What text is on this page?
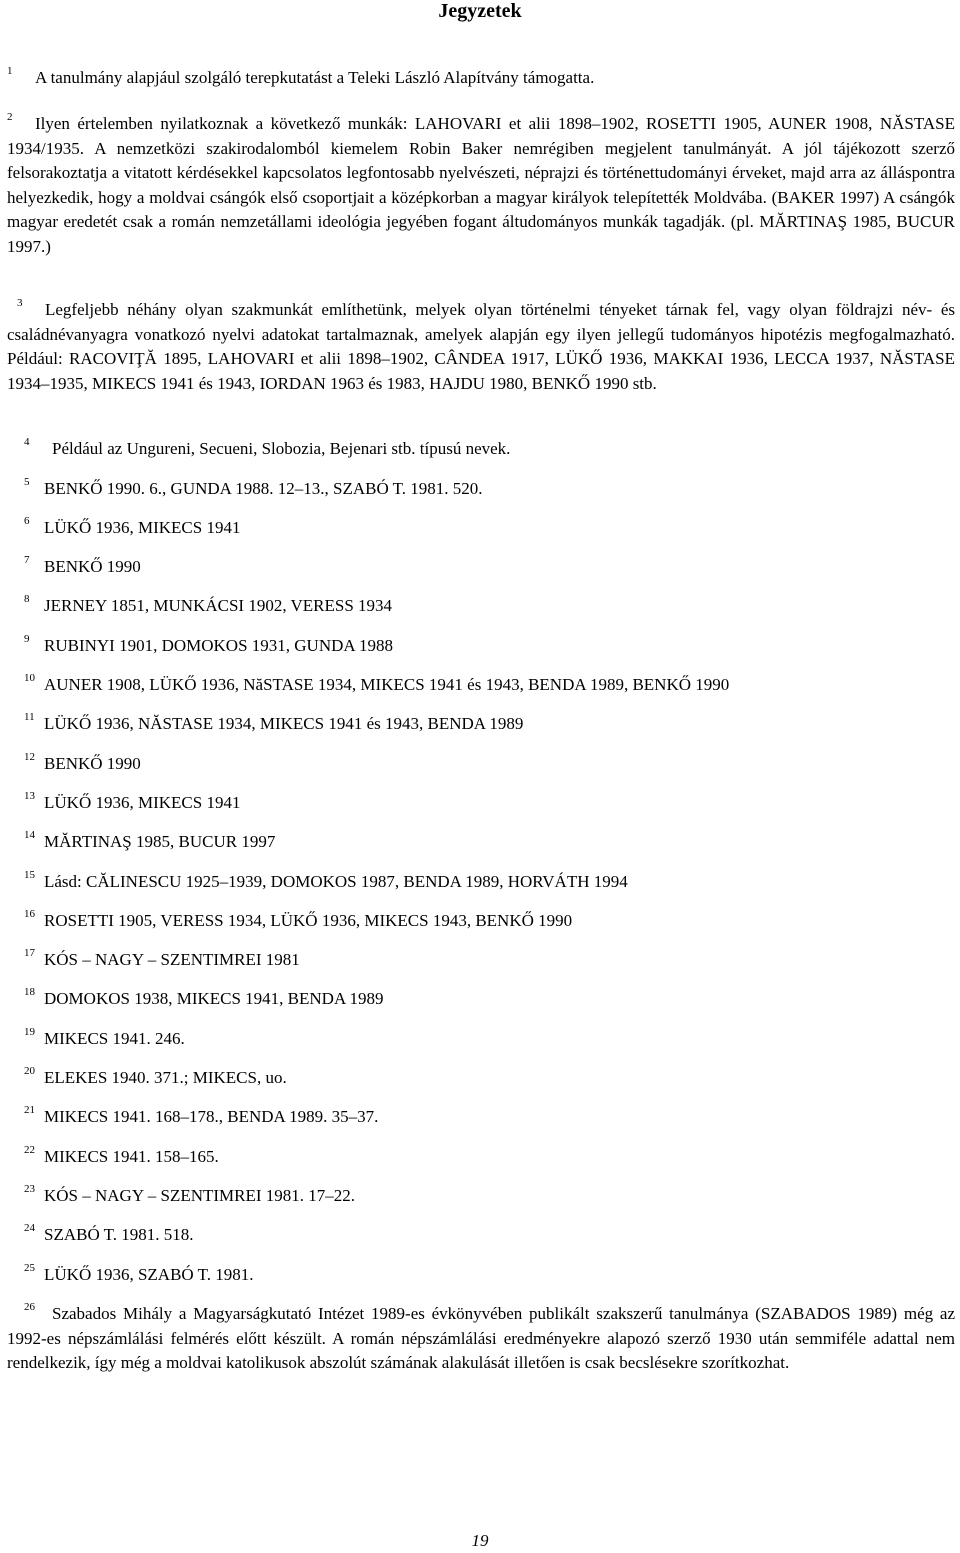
Jegyzetek

$^1$ A tanulmány alapjául szolgáló terepkutatást a Teleki László Alapítvány támogatta.

$^2$ Ilyen értelemben nyilatkoznak a következő munkák: LAHOVARI et alii 1898–1902, ROSETTI 1905, AUNER 1908, NĂSTASE 1934/1935. A nemzetközi szakirodalomból kiemelem Robin Baker nemrégiben megjelent tanulmányát. A jól tájékozott szerző felsorakoztatja a vitatott kérdésekkel kapcsolatos legfontosabb nyelvészeti, néprajzi és történettudományi érveket, majd arra az álláspontra helyezkedik, hogy a moldvai csángók első csoportjait a középkorban a magyar királyok telepítették Moldvába. (BAKER 1997) A csángók magyar eredetét csak a román nemzetállami ideológia jegyében fogant áltudományos munkák tagadják. (pl. MĂRTINAŞ 1985, BUCUR 1997.)

$^3$ Legfeljebb néhány olyan szakmunkát említhetünk, melyek olyan történelmi tényeket tárnak fel, vagy olyan földrajzi név- és családnévanyagra vonatkozó nyelvi adatokat tartalmaznak, amelyek alapján egy ilyen jellegű tudományos hipotézis megfogalmazható. Például: RACOVIŢĂ 1895, LAHOVARI et alii 1898–1902, CÂNDEA 1917, LÜKŐ 1936, MAKKAI 1936, LECCA 1937, NĂSTASE 1934–1935, MIKECS 1941 és 1943, IORDAN 1963 és 1983, HAJDU 1980, BENKŐ 1990 stb.

$^4$ Például az Ungureni, Secueni, Slobozia, Bejenari stb. típusú nevek.

$^5$ BENKŐ 1990. 6., GUNDA 1988. 12–13., SZABÓ T. 1981. 520.

$^6$ LÜKŐ 1936, MIKECS 1941

$^7$ BENKŐ 1990

$^8$ JERNEY 1851, MUNKÁCSI 1902, VERESS 1934

$^9$ RUBINYI 1901, DOMOKOS 1931, GUNDA 1988

$^{10}$ AUNER 1908, LÜKŐ 1936, NăSTASE 1934, MIKECS 1941 és 1943, BENDA 1989, BENKŐ 1990

$^{11}$ LÜKŐ 1936, NĂSTASE 1934, MIKECS 1941 és 1943, BENDA 1989

$^{12}$ BENKŐ 1990

$^{13}$ LÜKŐ 1936, MIKECS 1941

$^{14}$ MĂRTINAŞ 1985, BUCUR 1997

$^{15}$ Lásd: CĂLINESCU 1925–1939, DOMOKOS 1987, BENDA 1989, HORVÁTH 1994

$^{16}$ ROSETTI 1905, VERESS 1934, LÜKŐ 1936, MIKECS 1943, BENKŐ 1990

$^{17}$ KÓS – NAGY – SZENTIMREI 1981

$^{18}$ DOMOKOS 1938, MIKECS 1941, BENDA 1989

$^{19}$ MIKECS 1941. 246.

$^{20}$ ELEKES 1940. 371.; MIKECS, uo.

$^{21}$ MIKECS 1941. 168–178., BENDA 1989. 35–37.

$^{22}$ MIKECS 1941. 158–165.

$^{23}$ KÓS – NAGY – SZENTIMREI 1981. 17–22.

$^{24}$ SZABÓ T. 1981. 518.

$^{25}$ LÜKŐ 1936, SZABÓ T. 1981.

$^{26}$ Szabados Mihály a Magyarságkutató Intézet 1989-es évkönyvében publikált szakszerű tanulmánya (SZABADOS 1989) még az 1992-es népszámlálási felmérés előtt készült. A román népszámlálási eredményekre alapozó szerző 1930 után semmiféle adattal nem rendelkezik, így még a moldvai katolikusok abszolút számának alakulását illetően is csak becslésekre szorítkozhat.

19
